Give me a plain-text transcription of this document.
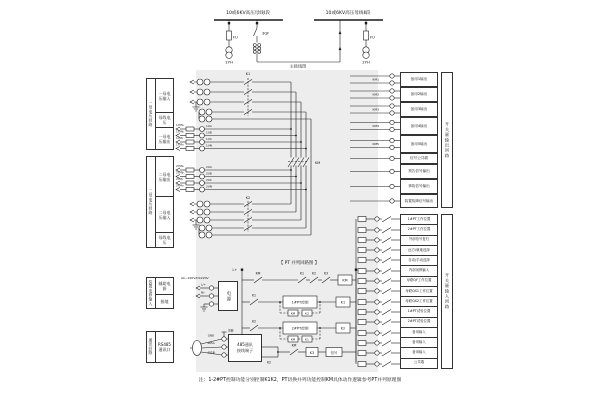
10或6KV高压母线Ⅰ段	10或6KV高压母线Ⅱ段
FU
1YH
3QF
主接线图
FU
2YH
K1
KM
1YMa	1UA
1YMb	1UB
1YMc	1UC
1YMn	1UN
2YMa	2UA
2YMb	2UB
2YMc	2UC
2YMn	2UN
K2
AC~220V/DC220V
L/+
N/-
GND
485A
485B
屏蔽
【 PT 并列回路图 】
L+
KM
KM	K1 K2 K3
K1
1#PT控制	K1
KM	K2
K2
2#PT控制	K2
KM	K1
K2
KM
K3	信号
KM1
KM2
KM3
KM4
KM5
一母电压回路
一母电压输入
母线电压
一母电压输出
二母电压回路
二母电压输出
二母电压输入
母线电压
装置电源输入	辅助电源
接地
通讯回路	RS485
通讯口
电源
485通讯
接线端子
备用1输出
备用2输出
备用3输出
备用4输出
备用5输出
信号公共端
预告信号输出
事故信号输出
装置故障信号输出
开关量输出回路
1#PT工作位置
2#PT工作位置
外部信号复归
远方/就地选择
自动/手动选择
内部闭锁输入
母联QF工作位置
母联QS1工作位置
母联QS2工作位置
1#PT试验位置
2#PT试验位置
备用输入
备用输入
备用输入
公共端
开关量输入回路
注：1-2#PT控制功能分别控制K1K2，PT切换并列功能控制KM具体动作逻辑参考PT并列原理图
